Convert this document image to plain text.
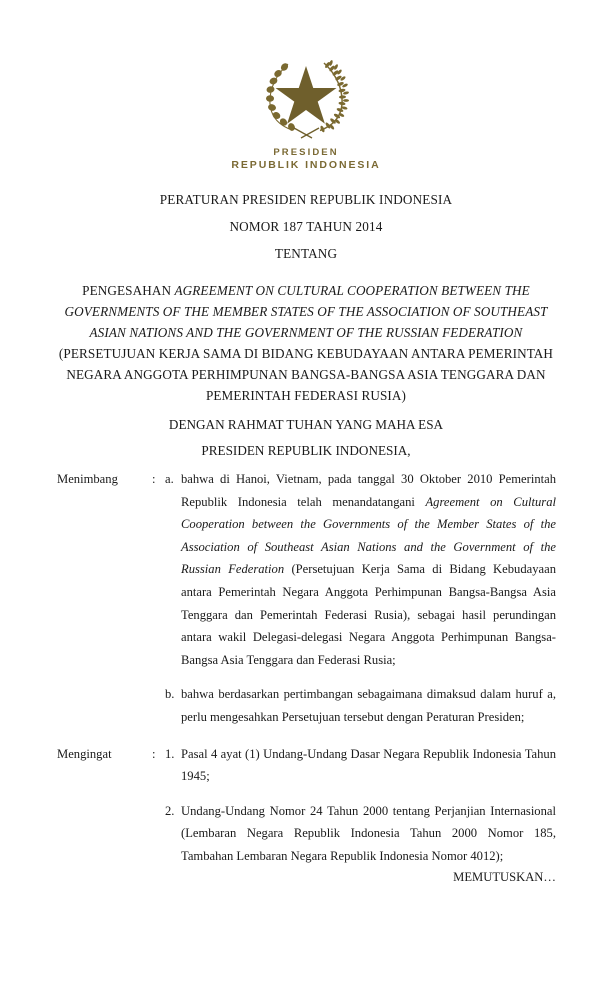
PRESIDEN
REPUBLIK INDONESIA
PERATURAN PRESIDEN REPUBLIK INDONESIA
NOMOR 187 TAHUN 2014
TENTANG
PENGESAHAN AGREEMENT ON CULTURAL COOPERATION BETWEEN THE GOVERNMENTS OF THE MEMBER STATES OF THE ASSOCIATION OF SOUTHEAST ASIAN NATIONS AND THE GOVERNMENT OF THE RUSSIAN FEDERATION (PERSETUJUAN KERJA SAMA DI BIDANG KEBUDAYAAN ANTARA PEMERINTAH NEGARA ANGGOTA PERHIMPUNAN BANGSA-BANGSA ASIA TENGGARA DAN PEMERINTAH FEDERASI RUSIA)
DENGAN RAHMAT TUHAN YANG MAHA ESA
PRESIDEN REPUBLIK INDONESIA,
Menimbang	: a. bahwa di Hanoi, Vietnam, pada tanggal 30 Oktober 2010 Pemerintah Republik Indonesia telah menandatangani Agreement on Cultural Cooperation between the Governments of the Member States of the Association of Southeast Asian Nations and the Government of the Russian Federation (Persetujuan Kerja Sama di Bidang Kebudayaan antara Pemerintah Negara Anggota Perhimpunan Bangsa-Bangsa Asia Tenggara dan Pemerintah Federasi Rusia), sebagai hasil perundingan antara wakil Delegasi-delegasi Negara Anggota Perhimpunan Bangsa-Bangsa Asia Tenggara dan Federasi Rusia;
b. bahwa berdasarkan pertimbangan sebagaimana dimaksud dalam huruf a, perlu mengesahkan Persetujuan tersebut dengan Peraturan Presiden;
Mengingat	: 1. Pasal 4 ayat (1) Undang-Undang Dasar Negara Republik Indonesia Tahun 1945;
2. Undang-Undang Nomor 24 Tahun 2000 tentang Perjanjian Internasional (Lembaran Negara Republik Indonesia Tahun 2000 Nomor 185, Tambahan Lembaran Negara Republik Indonesia Nomor 4012);
MEMUTUSKAN…
